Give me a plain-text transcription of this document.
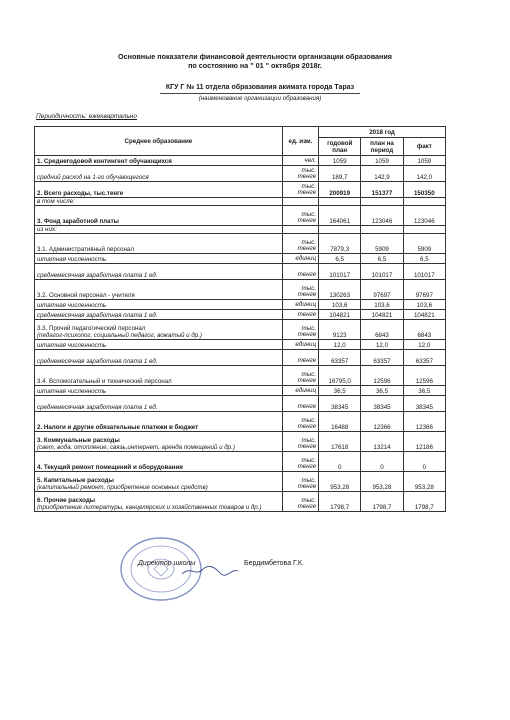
Основные показатели финансовой деятельности организации образования
по состоянию на " 01 " октября 2018г.
КГУ Г № 11 отдела образования акимата города Тараз
(наименование организации образования)
Периодичность: ежеквартально
Среднее образование	ед. изм.	2018 год		
		годовой план	план на период	факт
1. Среднегодовой контингент обучающихся	чел.	1059	1059	1059
средний расход на 1-го обучающегося	тыс. тенге	189,7	142,9	142,0
2. Всего расходы, тыс.тенге	тыс. тенге	200919	151377	150350
в том числе:				
3. Фонд заработной платы	тыс. тенге	164061	123046	123046
из них:				
3.1. Административный персонал	тыс. тенге	7879,3	5909	5909
штатная численность	единиц	6,5	6,5	6,5
среднемесячная заработная плата 1 ед.	тенге	101017	101017	101017
3.2. Основной персонал - учителя	тыс. тенге	130263	97697	97697
штатная численность	единиц	103,6	103,6	103,6
среднемесячная заработная плата 1 ед.	тенге	104821	104821	104821
3.3. Прочий педагогический персонал
(педагог-психолог, социальный педагог, вожатый и др.)	тыс. тенге	9123	6843	6843
штатная численность	единиц	12,0	12,0	12,0
среднемесячная заработная плата 1 ед.	тенге	63357	63357	63357
3.4. Вспомогательный и технический персонал	тыс. тенге	16795,0	12596	12596
штатная численность	единиц	36,5	36,5	36,5
среднемесячная заработная плата 1 ед.	тенге	38345	38345	38345
2. Налоги и другие обязательные платежи в бюджет	тыс. тенге	16488	12366	12366
3. Коммунальные расходы
(свет, вода, отопление, связь,интернет, аренда помещений и др.)	тыс. тенге	17618	13214	12186
4. Текущий ремонт помещений и оборудования	тыс. тенге	0	0	0
5. Капитальные расходы
(капитальный ремонт, приобретение основных средств)	тыс. тенге	953,28	953,28	953,28
6. Прочие расходы
(приобретение литературы, канцелярских и хозяйственных товаров и др.)	тыс. тенге	1798,7	1798,7	1798,7
Директор школы	Бердимбетова Г.К.
